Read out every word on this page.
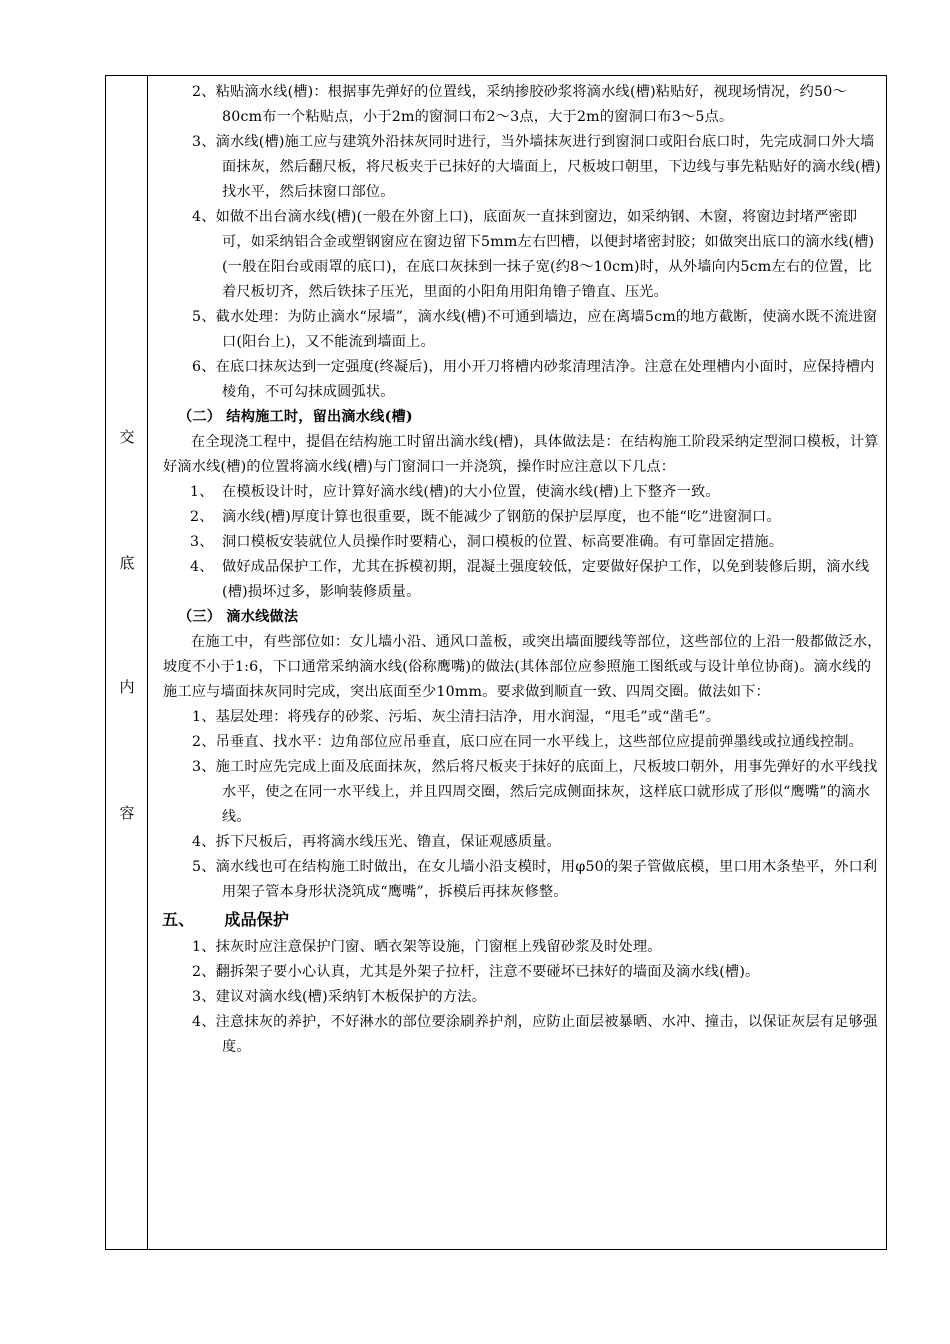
交
底
内
容
2、粘贴滴水线(槽)：根据事先弹好的位置线，采纳掺胶砂浆将滴水线(槽)粘贴好，视现场情况，约50～80cm布一个粘贴点，小于2m的窗洞口布2～3点，大于2m的窗洞口布3～5点。
3、滴水线(槽)施工应与建筑外沿抹灰同时进行，当外墙抹灰进行到窗洞口或阳台底口时，先完成洞口外大墙面抹灰，然后翻尺板，将尺板夹于已抹好的大墙面上，尺板坡口朝里，下边线与事先粘贴好的滴水线(槽)找水平，然后抹窗口部位。
4、如做不出台滴水线(槽)(一般在外窗上口)，底面灰一直抹到窗边，如采纳钢、木窗，将窗边封堵严密即可，如采纳铝合金或塑钢窗应在窗边留下5mm左右凹槽，以便封堵密封胶；如做突出底口的滴水线(槽)(一般在阳台或雨罩的底口)，在底口灰抹到一抹子宽(约8～10cm)时，从外墙向内5cm左右的位置，比着尺板切齐，然后铁抹子压光，里面的小阳角用阳角镥子镥直、压光。
5、截水处理：为防止滴水“尿墙”，滴水线(槽)不可通到墙边，应在离墙5cm的地方截断，使滴水既不流进窗口(阳台上)，又不能流到墙面上。
6、在底口抹灰达到一定强度(终凝后)，用小开刀将槽内砂浆清理洁净。注意在处理槽内小面时，应保持槽内棱角，不可勾抹成圆弧状。
（二） 结构施工时，留出滴水线(槽)
在全现浇工程中，提倡在结构施工时留出滴水线(槽)，具体做法是：在结构施工阶段采纳定型洞口模板，计算好滴水线(槽)的位置将滴水线(槽)与门窗洞口一并浇筑，操作时应注意以下几点：
1、 在模板设计时，应计算好滴水线(槽)的大小位置，使滴水线(槽)上下整齐一致。
2、 滴水线(槽)厚度计算也很重要，既不能减少了钢筋的保护层厚度，也不能“吃”进窗洞口。
3、 洞口模板安装就位人员操作时要精心，洞口模板的位置、标高要准确。有可靠固定措施。
4、 做好成品保护工作，尤其在拆模初期，混凝土强度较低，定要做好保护工作，以免到装修后期，滴水线(槽)损坏过多，影响装修质量。
（三） 滴水线做法
在施工中，有些部位如：女儿墙小沿、通风口盖板，或突出墙面腰线等部位，这些部位的上沿一般都做泛水，坡度不小于1:6，下口通常采纳滴水线(俗称鹰嘴)的做法(其体部位应参照施工图纸或与设计单位协商)。滴水线的施工应与墙面抹灰同时完成，突出底面至少10mm。要求做到顺直一致、四周交圈。做法如下：
1、基层处理：将残存的砂浆、污垢、灰尘清扫洁净，用水润湿，“甩毛”或“凿毛”。
2、吊垂直、找水平：边角部位应吊垂直，底口应在同一水平线上，这些部位应提前弹墨线或拉通线控制。
3、施工时应先完成上面及底面抹灰，然后将尺板夹于抹好的底面上，尺板坡口朝外，用事先弹好的水平线找水平，使之在同一水平线上，并且四周交圈，然后完成侧面抹灰，这样底口就形成了形似“鹰嘴”的滴水线。
4、拆下尺板后，再将滴水线压光、镥直，保证观感质量。
5、滴水线也可在结构施工时做出，在女儿墙小沿支模时，用φ50的架子管做底模，里口用木条垫平，外口利用架子管本身形状浇筑成“鹰嘴”，拆模后再抹灰修整。
五、 成品保护
1、抹灰时应注意保护门窗、晒衣架等设施，门窗框上残留砂浆及时处理。
2、翻拆架子要小心认真，尤其是外架子拉杆，注意不要碰坏已抹好的墙面及滴水线(槽)。
3、建议对滴水线(槽)采纳钉木板保护的方法。
4、注意抹灰的养护，不好淋水的部位要涂刷养护剂，应防止面层被暴晒、水冲、撞击，以保证灰层有足够强度。
